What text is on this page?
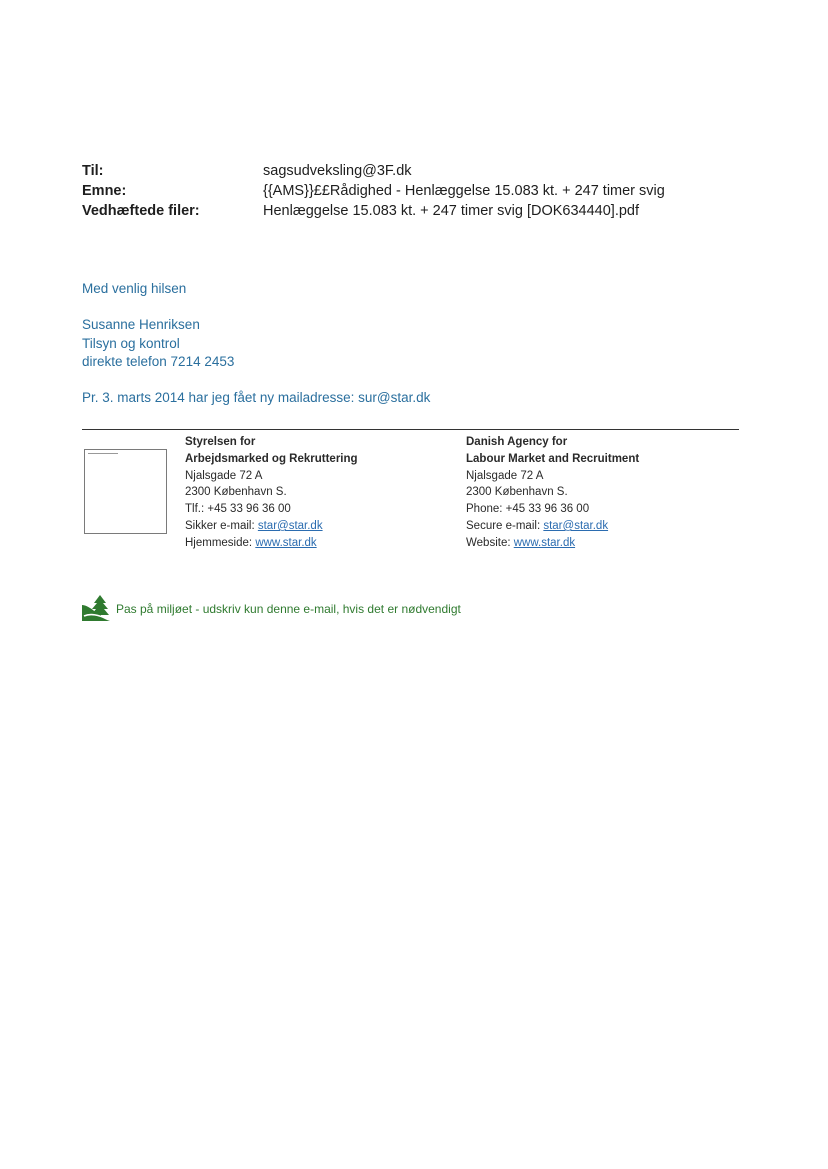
Til:	sagsudveksling@3F.dk
Emne:	{{AMS}}££Rådighed - Henlæggelse 15.083 kt. + 247 timer svig
Vedhæftede filer:	Henlæggelse 15.083 kt. + 247 timer svig [DOK634440].pdf
Med venlig hilsen
Susanne Henriksen
Tilsyn og kontrol
direkte telefon 7214 2453
Pr. 3. marts 2014 har jeg fået ny mailadresse: sur@star.dk
Styrelsen for
Arbejdsmarked og Rekruttering
Njalsgade 72 A
2300 København S.
Tlf.: +45 33 96 36 00
Sikker e-mail: star@star.dk
Hjemmeside: www.star.dk
Danish Agency for
Labour Market and Recruitment
Njalsgade 72 A
2300 København S.
Phone: +45 33 96 36 00
Secure e-mail: star@star.dk
Website: www.star.dk
Pas på miljøet - udskriv kun denne e-mail, hvis det er nødvendigt
